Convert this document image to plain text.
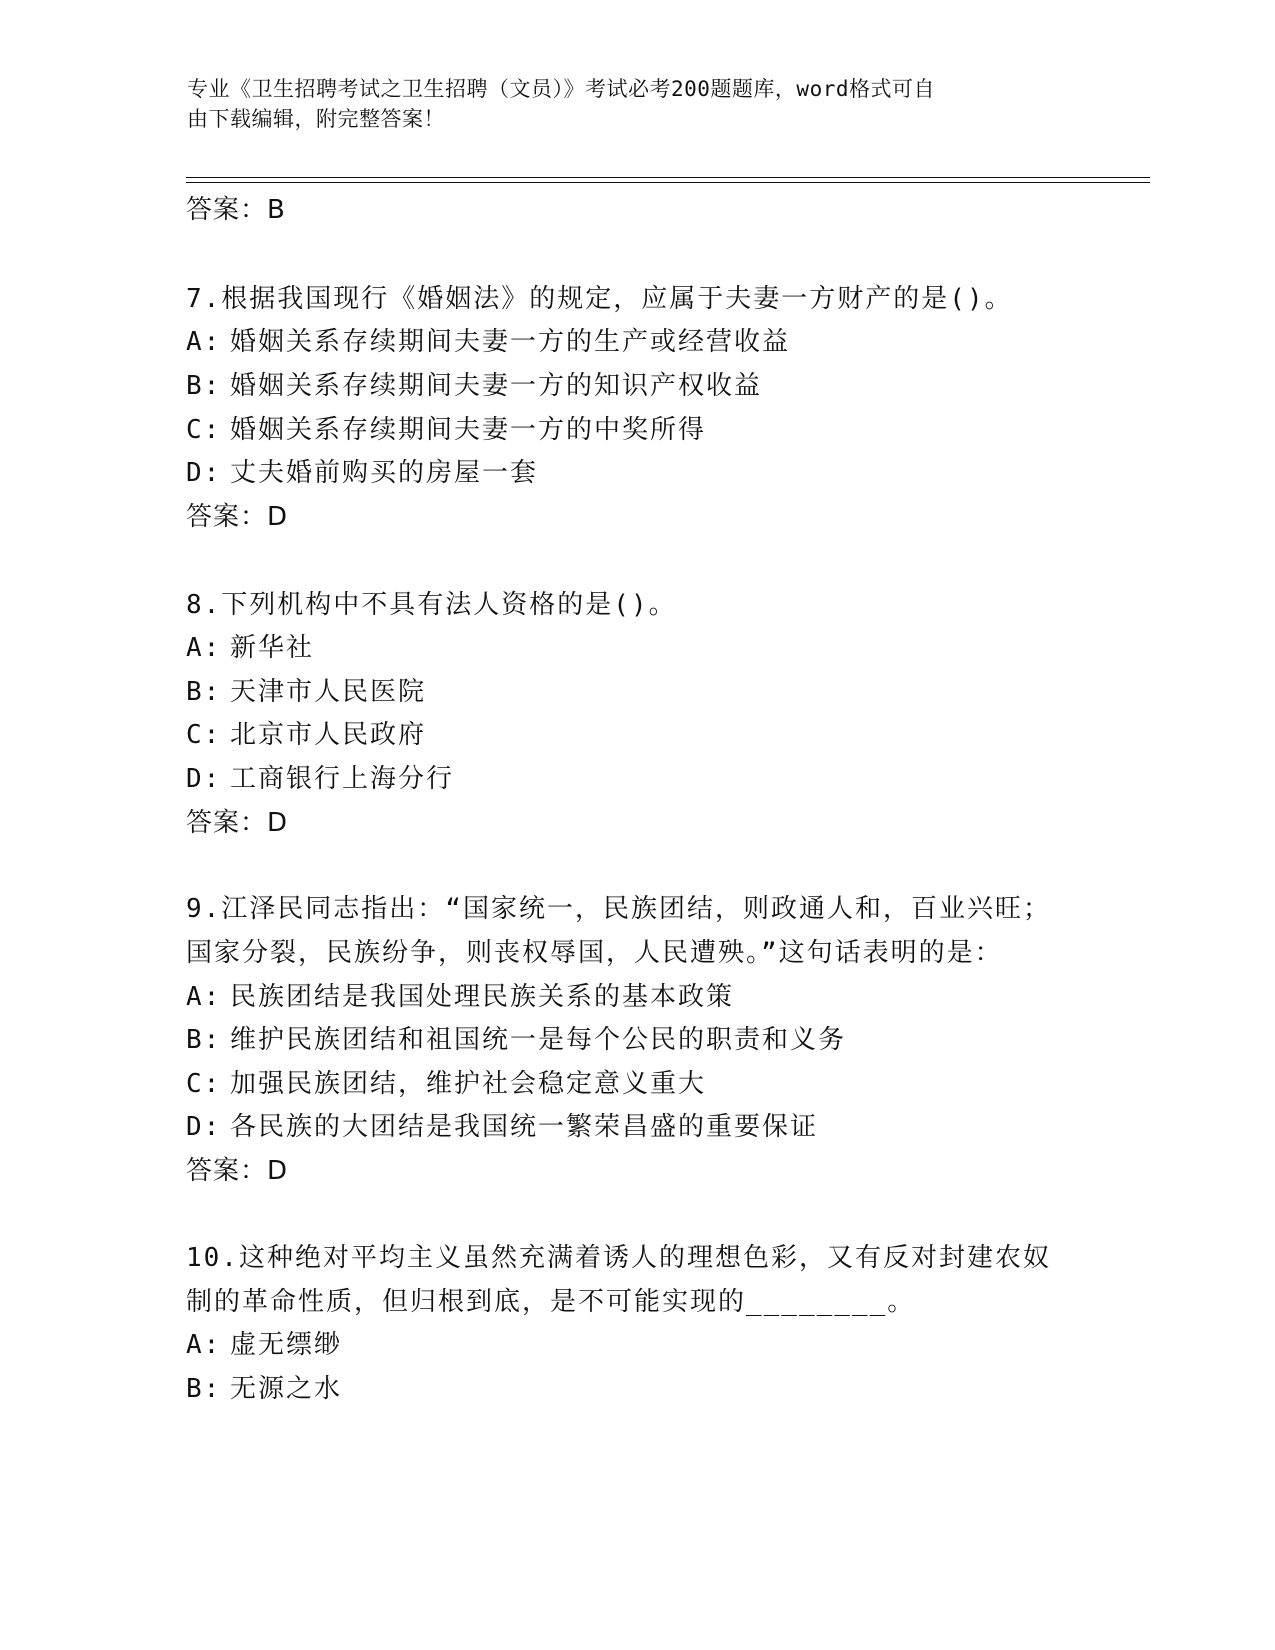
专业《卫生招聘考试之卫生招聘（文员）》考试必考200题题库，word格式可自
由下载编辑，附完整答案！
答案：B
7.根据我国现行《婚姻法》的规定，应属于夫妻一方财产的是()。
A: 婚姻关系存续期间夫妻一方的生产或经营收益
B: 婚姻关系存续期间夫妻一方的知识产权收益
C: 婚姻关系存续期间夫妻一方的中奖所得
D: 丈夫婚前购买的房屋一套
答案：D
8.下列机构中不具有法人资格的是()。
A: 新华社
B: 天津市人民医院
C: 北京市人民政府
D: 工商银行上海分行
答案：D
9.江泽民同志指出：“国家统一，民族团结，则政通人和，百业兴旺；
国家分裂，民族纷争，则丧权辱国，人民遭殃。”这句话表明的是：
A: 民族团结是我国处理民族关系的基本政策
B: 维护民族团结和祖国统一是每个公民的职责和义务
C: 加强民族团结，维护社会稳定意义重大
D: 各民族的大团结是我国统一繁荣昌盛的重要保证
答案：D
10.这种绝对平均主义虽然充满着诱人的理想色彩，又有反对封建农奴
制的革命性质，但归根到底，是不可能实现的________。
A: 虚无缥缈
B: 无源之水
